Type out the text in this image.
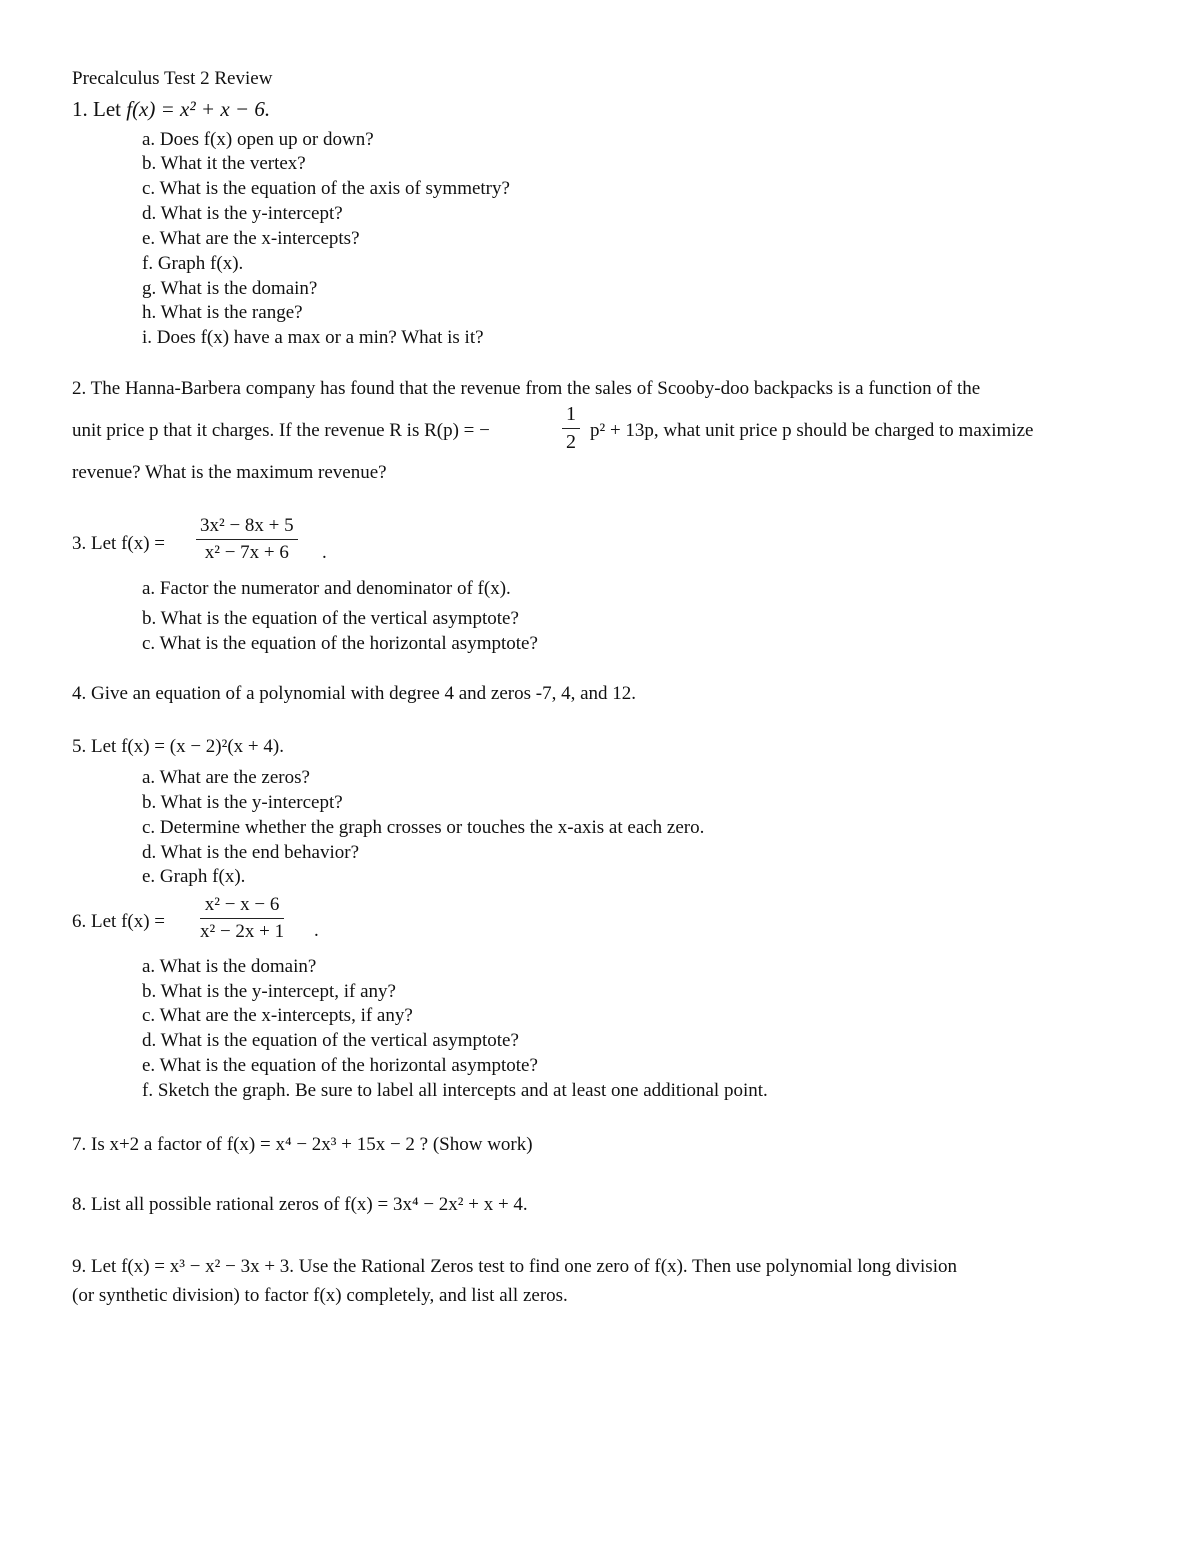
Precalculus Test 2 Review
1. Let f(x) = x² + x − 6.
a. Does f(x) open up or down?
b. What it the vertex?
c. What is the equation of the axis of symmetry?
d. What is the y-intercept?
e. What are the x-intercepts?
f. Graph f(x).
g. What is the domain?
h. What is the range?
i. Does f(x) have a max or a min? What is it?
2. The Hanna-Barbera company has found that the revenue from the sales of Scooby-doo backpacks is a function of the
unit price p that it charges. If the revenue R is R(p) = −	$\frac{1}{2} p^2 + 13p$, what unit price p should be charged to maximize
revenue? What is the maximum revenue?
3. Let $f(x) = \frac{\text{3x² − 8x + 5}}{\text{x² − 7x + 6}}$ .
a. Factor the numerator and denominator of f(x).
b. What is the equation of the vertical asymptote?
c. What is the equation of the horizontal asymptote?
4. Give an equation of a polynomial with degree 4 and zeros -7, 4, and 12.
5. Let f(x) = (x − 2)²(x + 4).
a. What are the zeros?
b. What is the y-intercept?
c. Determine whether the graph crosses or touches the x-axis at each zero.
d. What is the end behavior?
e. Graph f(x).
6. Let $f(x) = \frac{\text{x² − x − 6}}{\text{x² − 2x + 1}}$ .
a. What is the domain?
b. What is the y-intercept, if any?
c. What are the x-intercepts, if any?
d. What is the equation of the vertical asymptote?
e. What is the equation of the horizontal asymptote?
f. Sketch the graph. Be sure to label all intercepts and at least one additional point.
7. Is x+2 a factor of f(x) = x⁴ − 2x³ + 15x − 2 ? (Show work)
8. List all possible rational zeros of f(x) = 3x⁴ − 2x² + x + 4.
9. Let f(x) = x³ − x² − 3x + 3. Use the Rational Zeros test to find one zero of f(x). Then use polynomial long division
(or synthetic division) to factor f(x) completely, and list all zeros.
